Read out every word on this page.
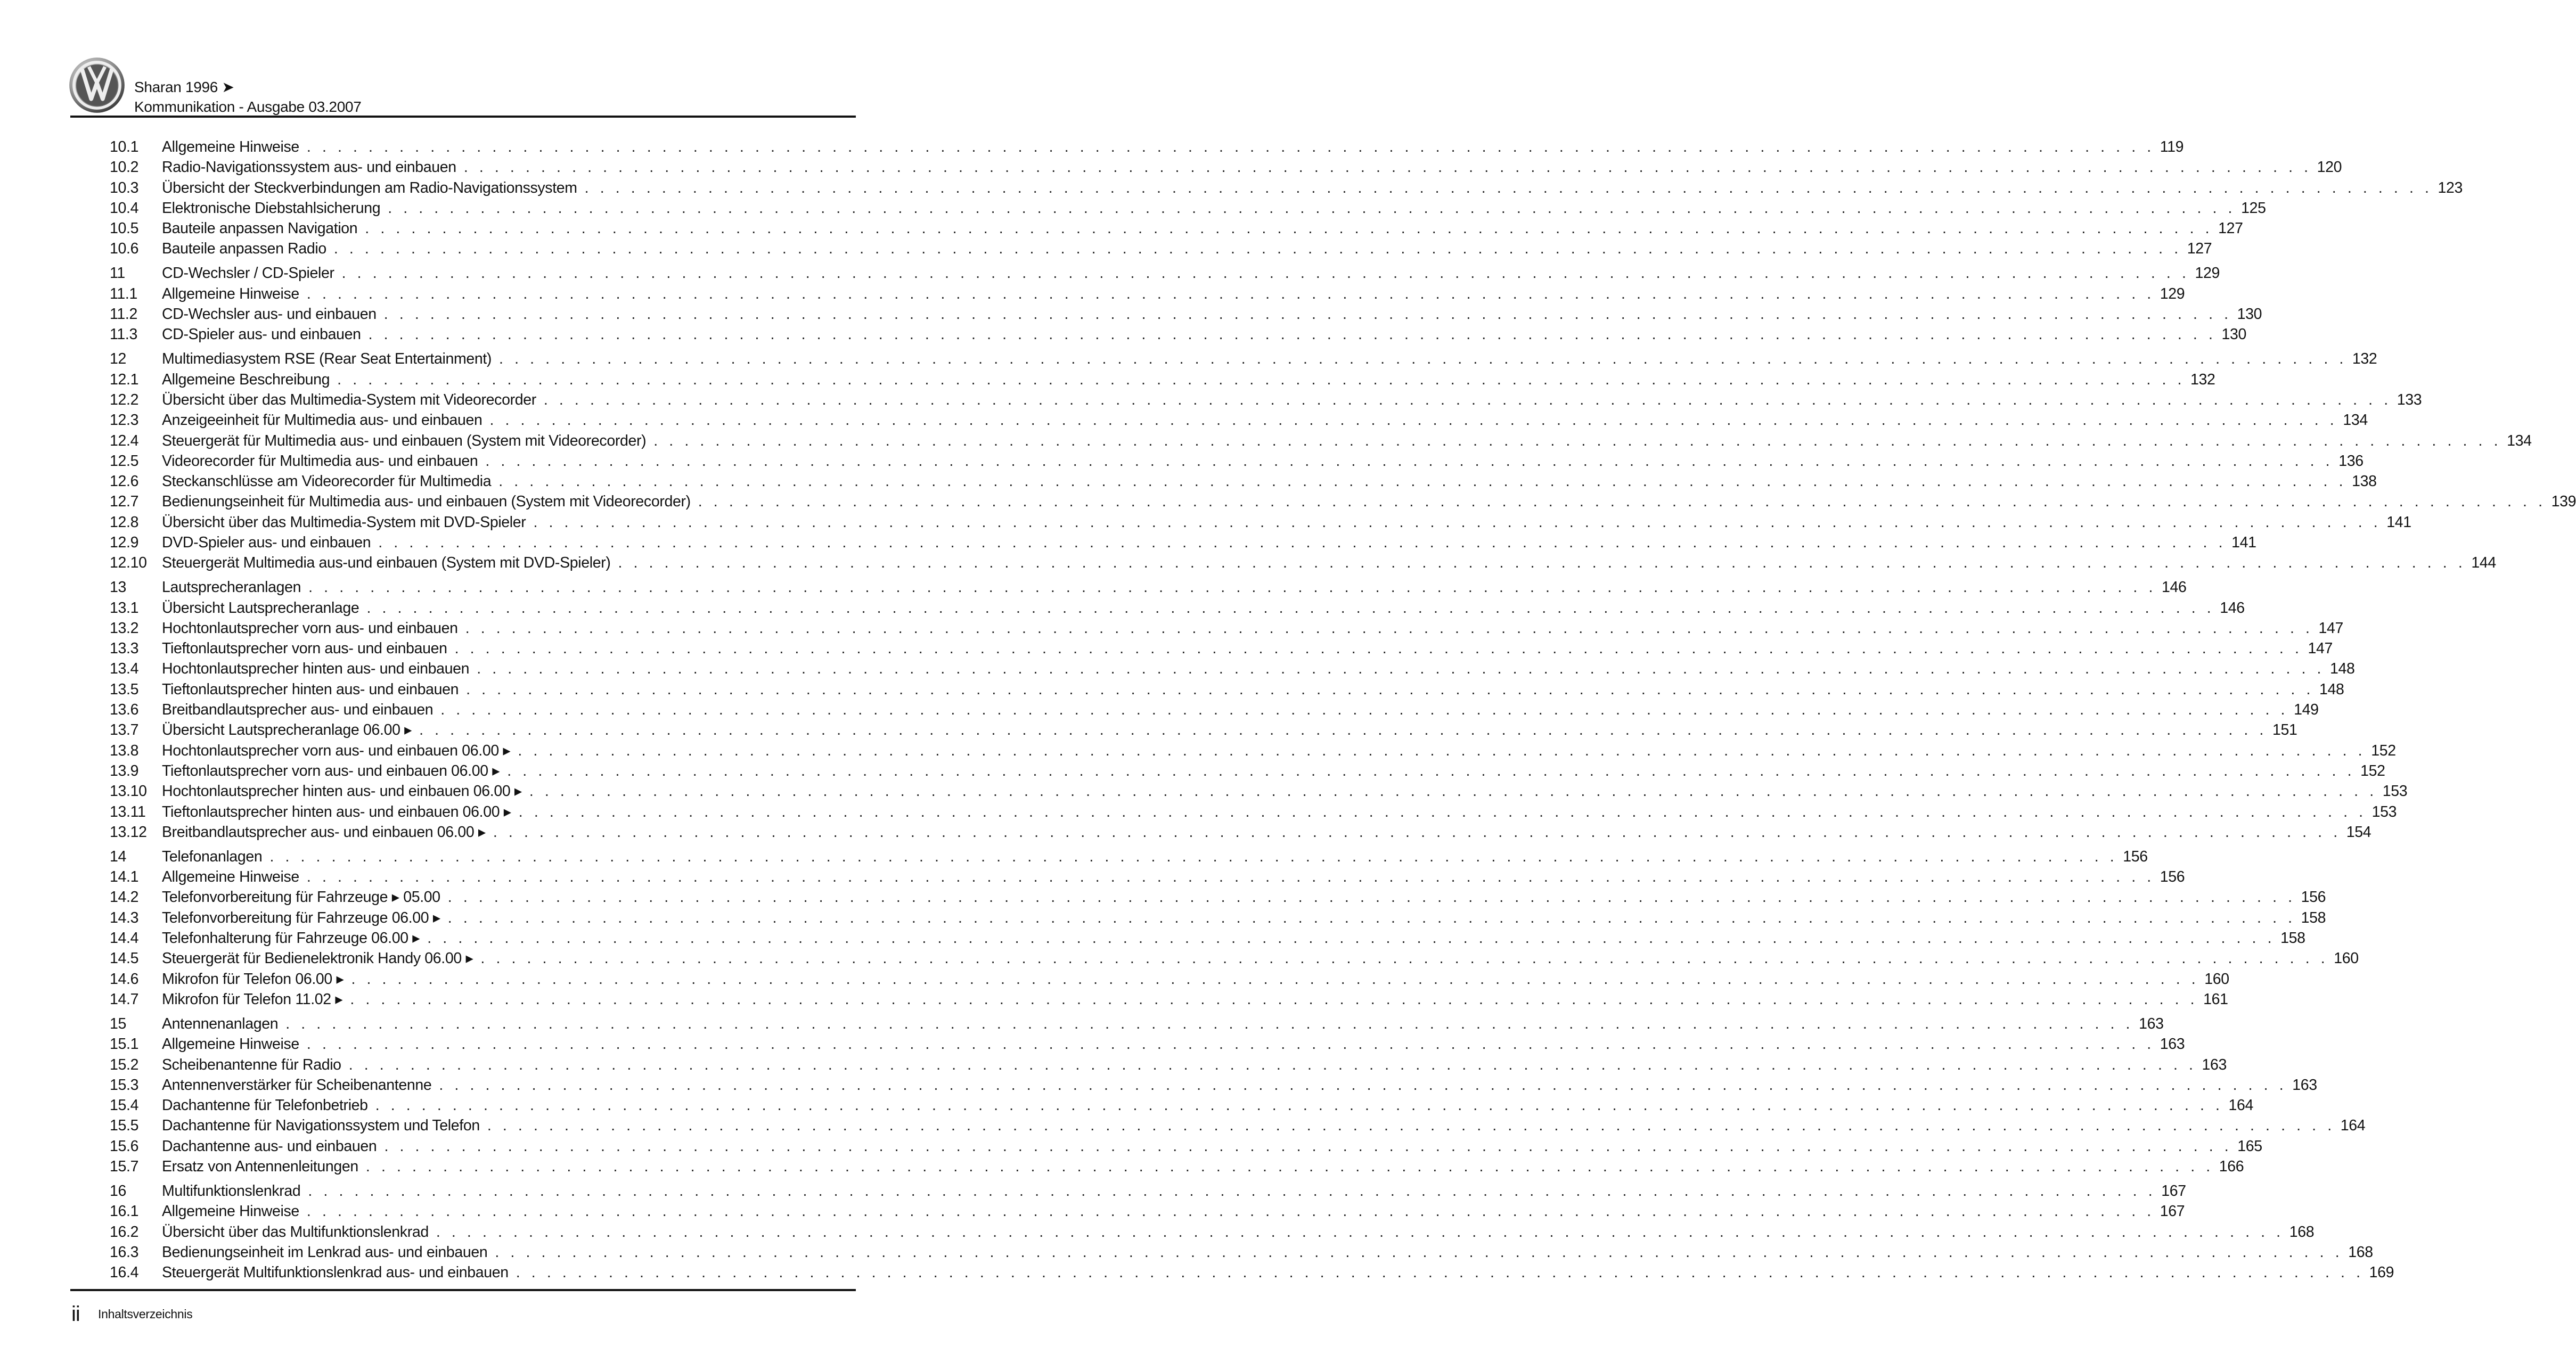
Sharan 1996 ➤
Kommunikation - Ausgabe 03.2007
10.1	Allgemeine Hinweise . . . . . . . . . . . . . . . . . . . . . . . . . . . . . . . . . . . . . . . . . . . . . . . . . . . . . . . . . . . . . . . . . . . . . . . . . . . . . . . . . . . . . . . . . . . . . . . . . . . . . . . . . . . . . . . . . . . . . . . . 119
10.2	Radio-Navigationssystem aus- und einbauen . . . . . . . . . . . . . . . . . . . . . . . . . . . . . . . . . . . . . . . . . . . . . . . . . . . . . . . . . . . . . . . . . . . . . . . . . . . . . . . . . . . . . . . . . . . . . . . . . . . . . . . . . . . . . . . . . . . . . . . . 120
10.3	Übersicht der Steckverbindungen am Radio-Navigationssystem . . . . . . . . . . . . . . . . . . . . . . . . . . . . . . . . . . . . . . . . . . . . . . . . . . . . . . . . . . . . . . . . . . . . . . . . . . . . . . . . . . . . . . . . . . . . . . . . . . . . . . . . . . . . . . . . . . . . . . . . 123
10.4	Elektronische Diebstahlsicherung . . . . . . . . . . . . . . . . . . . . . . . . . . . . . . . . . . . . . . . . . . . . . . . . . . . . . . . . . . . . . . . . . . . . . . . . . . . . . . . . . . . . . . . . . . . . . . . . . . . . . . . . . . . . . . . . . . . . . . . . 125
10.5	Bauteile anpassen Navigation . . . . . . . . . . . . . . . . . . . . . . . . . . . . . . . . . . . . . . . . . . . . . . . . . . . . . . . . . . . . . . . . . . . . . . . . . . . . . . . . . . . . . . . . . . . . . . . . . . . . . . . . . . . . . . . . . . . . . . . . 127
10.6	Bauteile anpassen Radio . . . . . . . . . . . . . . . . . . . . . . . . . . . . . . . . . . . . . . . . . . . . . . . . . . . . . . . . . . . . . . . . . . . . . . . . . . . . . . . . . . . . . . . . . . . . . . . . . . . . . . . . . . . . . . . . . . . . . . . . 127
11	CD-Wechsler / CD-Spieler . . . . . . . . . . . . . . . . . . . . . . . . . . . . . . . . . . . . . . . . . . . . . . . . . . . . . . . . . . . . . . . . . . . . . . . . . . . . . . . . . . . . . . . . . . . . . . . . . . . . . . . . . . . . . . . . . . . . . . . . 129
11.1	Allgemeine Hinweise . . . . . . . . . . . . . . . . . . . . . . . . . . . . . . . . . . . . . . . . . . . . . . . . . . . . . . . . . . . . . . . . . . . . . . . . . . . . . . . . . . . . . . . . . . . . . . . . . . . . . . . . . . . . . . . . . . . . . . . . 129
11.2	CD-Wechsler aus- und einbauen . . . . . . . . . . . . . . . . . . . . . . . . . . . . . . . . . . . . . . . . . . . . . . . . . . . . . . . . . . . . . . . . . . . . . . . . . . . . . . . . . . . . . . . . . . . . . . . . . . . . . . . . . . . . . . . . . . . . . . . . 130
11.3	CD-Spieler aus- und einbauen . . . . . . . . . . . . . . . . . . . . . . . . . . . . . . . . . . . . . . . . . . . . . . . . . . . . . . . . . . . . . . . . . . . . . . . . . . . . . . . . . . . . . . . . . . . . . . . . . . . . . . . . . . . . . . . . . . . . . . . . 130
12	Multimediasystem RSE (Rear Seat Entertainment) . . . . . . . . . . . . . . . . . . . . . . . . . . . . . . . . . . . . . . . . . . . . . . . . . . . . . . . . . . . . . . . . . . . . . . . . . . . . . . . . . . . . . . . . . . . . . . . . . . . . . . . . . . . . . . . . . . . . . . . . 132
12.1	Allgemeine Beschreibung . . . . . . . . . . . . . . . . . . . . . . . . . . . . . . . . . . . . . . . . . . . . . . . . . . . . . . . . . . . . . . . . . . . . . . . . . . . . . . . . . . . . . . . . . . . . . . . . . . . . . . . . . . . . . . . . . . . . . . . . 132
12.2	Übersicht über das Multimedia-System mit Videorecorder . . . . . . . . . . . . . . . . . . . . . . . . . . . . . . . . . . . . . . . . . . . . . . . . . . . . . . . . . . . . . . . . . . . . . . . . . . . . . . . . . . . . . . . . . . . . . . . . . . . . . . . . . . . . . . . . . . . . . . . . 133
12.3	Anzeigeeinheit für Multimedia aus- und einbauen . . . . . . . . . . . . . . . . . . . . . . . . . . . . . . . . . . . . . . . . . . . . . . . . . . . . . . . . . . . . . . . . . . . . . . . . . . . . . . . . . . . . . . . . . . . . . . . . . . . . . . . . . . . . . . . . . . . . . . . . 134
12.4	Steuergerät für Multimedia aus- und einbauen (System mit Videorecorder) . . . . . . . . . . . . . . . . . . . . . . . . . . . . . . . . . . . . . . . . . . . . . . . . . . . . . . . . . . . . . . . . . . . . . . . . . . . . . . . . . . . . . . . . . . . . . . . . . . . . . . . . . . . . . . . . . . . . . . . . 134
12.5	Videorecorder für Multimedia aus- und einbauen . . . . . . . . . . . . . . . . . . . . . . . . . . . . . . . . . . . . . . . . . . . . . . . . . . . . . . . . . . . . . . . . . . . . . . . . . . . . . . . . . . . . . . . . . . . . . . . . . . . . . . . . . . . . . . . . . . . . . . . . 136
12.6	Steckanschlüsse am Videorecorder für Multimedia . . . . . . . . . . . . . . . . . . . . . . . . . . . . . . . . . . . . . . . . . . . . . . . . . . . . . . . . . . . . . . . . . . . . . . . . . . . . . . . . . . . . . . . . . . . . . . . . . . . . . . . . . . . . . . . . . . . . . . . . 138
12.7	Bedienungseinheit für Multimedia aus- und einbauen (System mit Videorecorder) . . . . . . . . . . . . . . . . . . . . . . . . . . . . . . . . . . . . . . . . . . . . . . . . . . . . . . . . . . . . . . . . . . . . . . . . . . . . . . . . . . . . . . . . . . . . . . . . . . . . . . . . . . . . . . . . . . . . . . . . 139
12.8	Übersicht über das Multimedia-System mit DVD-Spieler . . . . . . . . . . . . . . . . . . . . . . . . . . . . . . . . . . . . . . . . . . . . . . . . . . . . . . . . . . . . . . . . . . . . . . . . . . . . . . . . . . . . . . . . . . . . . . . . . . . . . . . . . . . . . . . . . . . . . . . . 141
12.9	DVD-Spieler aus- und einbauen . . . . . . . . . . . . . . . . . . . . . . . . . . . . . . . . . . . . . . . . . . . . . . . . . . . . . . . . . . . . . . . . . . . . . . . . . . . . . . . . . . . . . . . . . . . . . . . . . . . . . . . . . . . . . . . . . . . . . . . . 141
12.10 Steuergerät Multimedia aus-und einbauen (System mit DVD-Spieler) . . . . . . . . . . . . . . . . . . . . . . . . . . . . . . . . . . . . . . . . . . . . . . . . . . . . . . . . . . . . . . . . . . . . . . . . . . . . . . . . . . . . . . . . . . . . . . . . . . . . . . . . . . . . . . . . . . . . . . . . 144
13	Lautsprecheranlagen . . . . . . . . . . . . . . . . . . . . . . . . . . . . . . . . . . . . . . . . . . . . . . . . . . . . . . . . . . . . . . . . . . . . . . . . . . . . . . . . . . . . . . . . . . . . . . . . . . . . . . . . . . . . . . . . . . . . . . . . 146
13.1	Übersicht Lautsprecheranlage . . . . . . . . . . . . . . . . . . . . . . . . . . . . . . . . . . . . . . . . . . . . . . . . . . . . . . . . . . . . . . . . . . . . . . . . . . . . . . . . . . . . . . . . . . . . . . . . . . . . . . . . . . . . . . . . . . . . . . . . 146
13.2	Hochtonlautsprecher vorn aus- und einbauen . . . . . . . . . . . . . . . . . . . . . . . . . . . . . . . . . . . . . . . . . . . . . . . . . . . . . . . . . . . . . . . . . . . . . . . . . . . . . . . . . . . . . . . . . . . . . . . . . . . . . . . . . . . . . . . . . . . . . . . . 147
13.3	Tieftonlautsprecher vorn aus- und einbauen . . . . . . . . . . . . . . . . . . . . . . . . . . . . . . . . . . . . . . . . . . . . . . . . . . . . . . . . . . . . . . . . . . . . . . . . . . . . . . . . . . . . . . . . . . . . . . . . . . . . . . . . . . . . . . . . . . . . . . . . 147
13.4	Hochtonlautsprecher hinten aus- und einbauen . . . . . . . . . . . . . . . . . . . . . . . . . . . . . . . . . . . . . . . . . . . . . . . . . . . . . . . . . . . . . . . . . . . . . . . . . . . . . . . . . . . . . . . . . . . . . . . . . . . . . . . . . . . . . . . . . . . . . . . . 148
13.5	Tieftonlautsprecher hinten aus- und einbauen . . . . . . . . . . . . . . . . . . . . . . . . . . . . . . . . . . . . . . . . . . . . . . . . . . . . . . . . . . . . . . . . . . . . . . . . . . . . . . . . . . . . . . . . . . . . . . . . . . . . . . . . . . . . . . . . . . . . . . . . 148
13.6	Breitbandlautsprecher aus- und einbauen . . . . . . . . . . . . . . . . . . . . . . . . . . . . . . . . . . . . . . . . . . . . . . . . . . . . . . . . . . . . . . . . . . . . . . . . . . . . . . . . . . . . . . . . . . . . . . . . . . . . . . . . . . . . . . . . . . . . . . . . 149
13.7	Übersicht Lautsprecheranlage 06.00 ▸ . . . . . . . . . . . . . . . . . . . . . . . . . . . . . . . . . . . . . . . . . . . . . . . . . . . . . . . . . . . . . . . . . . . . . . . . . . . . . . . . . . . . . . . . . . . . . . . . . . . . . . . . . . . . . . . . . . . . . . . . 151
13.8	Hochtonlautsprecher vorn aus- und einbauen 06.00 ▸ . . . . . . . . . . . . . . . . . . . . . . . . . . . . . . . . . . . . . . . . . . . . . . . . . . . . . . . . . . . . . . . . . . . . . . . . . . . . . . . . . . . . . . . . . . . . . . . . . . . . . . . . . . . . . . . . . . . . . . . . 152
13.9	Tieftonlautsprecher vorn aus- und einbauen 06.00 ▸ . . . . . . . . . . . . . . . . . . . . . . . . . . . . . . . . . . . . . . . . . . . . . . . . . . . . . . . . . . . . . . . . . . . . . . . . . . . . . . . . . . . . . . . . . . . . . . . . . . . . . . . . . . . . . . . . . . . . . . . . 152
13.10 Hochtonlautsprecher hinten aus- und einbauen 06.00 ▸ . . . . . . . . . . . . . . . . . . . . . . . . . . . . . . . . . . . . . . . . . . . . . . . . . . . . . . . . . . . . . . . . . . . . . . . . . . . . . . . . . . . . . . . . . . . . . . . . . . . . . . . . . . . . . . . . . . . . . . . . 153
13.11	Tieftonlautsprecher hinten aus- und einbauen 06.00 ▸ . . . . . . . . . . . . . . . . . . . . . . . . . . . . . . . . . . . . . . . . . . . . . . . . . . . . . . . . . . . . . . . . . . . . . . . . . . . . . . . . . . . . . . . . . . . . . . . . . . . . . . . . . . . . . . . . . . . . . . . . 153
13.12 Breitbandlautsprecher aus- und einbauen 06.00 ▸ . . . . . . . . . . . . . . . . . . . . . . . . . . . . . . . . . . . . . . . . . . . . . . . . . . . . . . . . . . . . . . . . . . . . . . . . . . . . . . . . . . . . . . . . . . . . . . . . . . . . . . . . . . . . . . . . . . . . . . . . 154
14	Telefonanlagen . . . . . . . . . . . . . . . . . . . . . . . . . . . . . . . . . . . . . . . . . . . . . . . . . . . . . . . . . . . . . . . . . . . . . . . . . . . . . . . . . . . . . . . . . . . . . . . . . . . . . . . . . . . . . . . . . . . . . . . . 156
14.1	Allgemeine Hinweise . . . . . . . . . . . . . . . . . . . . . . . . . . . . . . . . . . . . . . . . . . . . . . . . . . . . . . . . . . . . . . . . . . . . . . . . . . . . . . . . . . . . . . . . . . . . . . . . . . . . . . . . . . . . . . . . . . . . . . . . 156
14.2	Telefonvorbereitung für Fahrzeuge ▸ 05.00 . . . . . . . . . . . . . . . . . . . . . . . . . . . . . . . . . . . . . . . . . . . . . . . . . . . . . . . . . . . . . . . . . . . . . . . . . . . . . . . . . . . . . . . . . . . . . . . . . . . . . . . . . . . . . . . . . . . . . . . . 156
14.3	Telefonvorbereitung für Fahrzeuge 06.00 ▸ . . . . . . . . . . . . . . . . . . . . . . . . . . . . . . . . . . . . . . . . . . . . . . . . . . . . . . . . . . . . . . . . . . . . . . . . . . . . . . . . . . . . . . . . . . . . . . . . . . . . . . . . . . . . . . . . . . . . . . . . 158
14.4	Telefonhalterung für Fahrzeuge 06.00 ▸ . . . . . . . . . . . . . . . . . . . . . . . . . . . . . . . . . . . . . . . . . . . . . . . . . . . . . . . . . . . . . . . . . . . . . . . . . . . . . . . . . . . . . . . . . . . . . . . . . . . . . . . . . . . . . . . . . . . . . . . . 158
14.5	Steuergerät für Bedienelektronik Handy 06.00 ▸ . . . . . . . . . . . . . . . . . . . . . . . . . . . . . . . . . . . . . . . . . . . . . . . . . . . . . . . . . . . . . . . . . . . . . . . . . . . . . . . . . . . . . . . . . . . . . . . . . . . . . . . . . . . . . . . . . . . . . . . . 160
14.6	Mikrofon für Telefon 06.00 ▸ . . . . . . . . . . . . . . . . . . . . . . . . . . . . . . . . . . . . . . . . . . . . . . . . . . . . . . . . . . . . . . . . . . . . . . . . . . . . . . . . . . . . . . . . . . . . . . . . . . . . . . . . . . . . . . . . . . . . . . . . 160
14.7	Mikrofon für Telefon 11.02 ▸ . . . . . . . . . . . . . . . . . . . . . . . . . . . . . . . . . . . . . . . . . . . . . . . . . . . . . . . . . . . . . . . . . . . . . . . . . . . . . . . . . . . . . . . . . . . . . . . . . . . . . . . . . . . . . . . . . . . . . . . . 161
15	Antennenanlagen . . . . . . . . . . . . . . . . . . . . . . . . . . . . . . . . . . . . . . . . . . . . . . . . . . . . . . . . . . . . . . . . . . . . . . . . . . . . . . . . . . . . . . . . . . . . . . . . . . . . . . . . . . . . . . . . . . . . . . . . 163
15.1	Allgemeine Hinweise . . . . . . . . . . . . . . . . . . . . . . . . . . . . . . . . . . . . . . . . . . . . . . . . . . . . . . . . . . . . . . . . . . . . . . . . . . . . . . . . . . . . . . . . . . . . . . . . . . . . . . . . . . . . . . . . . . . . . . . . 163
15.2	Scheibenantenne für Radio . . . . . . . . . . . . . . . . . . . . . . . . . . . . . . . . . . . . . . . . . . . . . . . . . . . . . . . . . . . . . . . . . . . . . . . . . . . . . . . . . . . . . . . . . . . . . . . . . . . . . . . . . . . . . . . . . . . . . . . . 163
15.3	Antennenverstärker für Scheibenantenne . . . . . . . . . . . . . . . . . . . . . . . . . . . . . . . . . . . . . . . . . . . . . . . . . . . . . . . . . . . . . . . . . . . . . . . . . . . . . . . . . . . . . . . . . . . . . . . . . . . . . . . . . . . . . . . . . . . . . . . . 163
15.4	Dachantenne für Telefonbetrieb . . . . . . . . . . . . . . . . . . . . . . . . . . . . . . . . . . . . . . . . . . . . . . . . . . . . . . . . . . . . . . . . . . . . . . . . . . . . . . . . . . . . . . . . . . . . . . . . . . . . . . . . . . . . . . . . . . . . . . . . 164
15.5	Dachantenne für Navigationssystem und Telefon . . . . . . . . . . . . . . . . . . . . . . . . . . . . . . . . . . . . . . . . . . . . . . . . . . . . . . . . . . . . . . . . . . . . . . . . . . . . . . . . . . . . . . . . . . . . . . . . . . . . . . . . . . . . . . . . . . . . . . . . 164
15.6	Dachantenne aus- und einbauen . . . . . . . . . . . . . . . . . . . . . . . . . . . . . . . . . . . . . . . . . . . . . . . . . . . . . . . . . . . . . . . . . . . . . . . . . . . . . . . . . . . . . . . . . . . . . . . . . . . . . . . . . . . . . . . . . . . . . . . . 165
15.7	Ersatz von Antennenleitungen . . . . . . . . . . . . . . . . . . . . . . . . . . . . . . . . . . . . . . . . . . . . . . . . . . . . . . . . . . . . . . . . . . . . . . . . . . . . . . . . . . . . . . . . . . . . . . . . . . . . . . . . . . . . . . . . . . . . . . . . 166
16	Multifunktionslenkrad . . . . . . . . . . . . . . . . . . . . . . . . . . . . . . . . . . . . . . . . . . . . . . . . . . . . . . . . . . . . . . . . . . . . . . . . . . . . . . . . . . . . . . . . . . . . . . . . . . . . . . . . . . . . . . . . . . . . . . . . 167
16.1	Allgemeine Hinweise . . . . . . . . . . . . . . . . . . . . . . . . . . . . . . . . . . . . . . . . . . . . . . . . . . . . . . . . . . . . . . . . . . . . . . . . . . . . . . . . . . . . . . . . . . . . . . . . . . . . . . . . . . . . . . . . . . . . . . . . 167
16.2	Übersicht über das Multifunktionslenkrad . . . . . . . . . . . . . . . . . . . . . . . . . . . . . . . . . . . . . . . . . . . . . . . . . . . . . . . . . . . . . . . . . . . . . . . . . . . . . . . . . . . . . . . . . . . . . . . . . . . . . . . . . . . . . . . . . . . . . . . . 168
16.3	Bedienungseinheit im Lenkrad aus- und einbauen . . . . . . . . . . . . . . . . . . . . . . . . . . . . . . . . . . . . . . . . . . . . . . . . . . . . . . . . . . . . . . . . . . . . . . . . . . . . . . . . . . . . . . . . . . . . . . . . . . . . . . . . . . . . . . . . . . . . . . . . 168
16.4	Steuergerät Multifunktionslenkrad aus- und einbauen . . . . . . . . . . . . . . . . . . . . . . . . . . . . . . . . . . . . . . . . . . . . . . . . . . . . . . . . . . . . . . . . . . . . . . . . . . . . . . . . . . . . . . . . . . . . . . . . . . . . . . . . . . . . . . . . . . . . . . . . 169
ii Inhaltsverzeichnis
